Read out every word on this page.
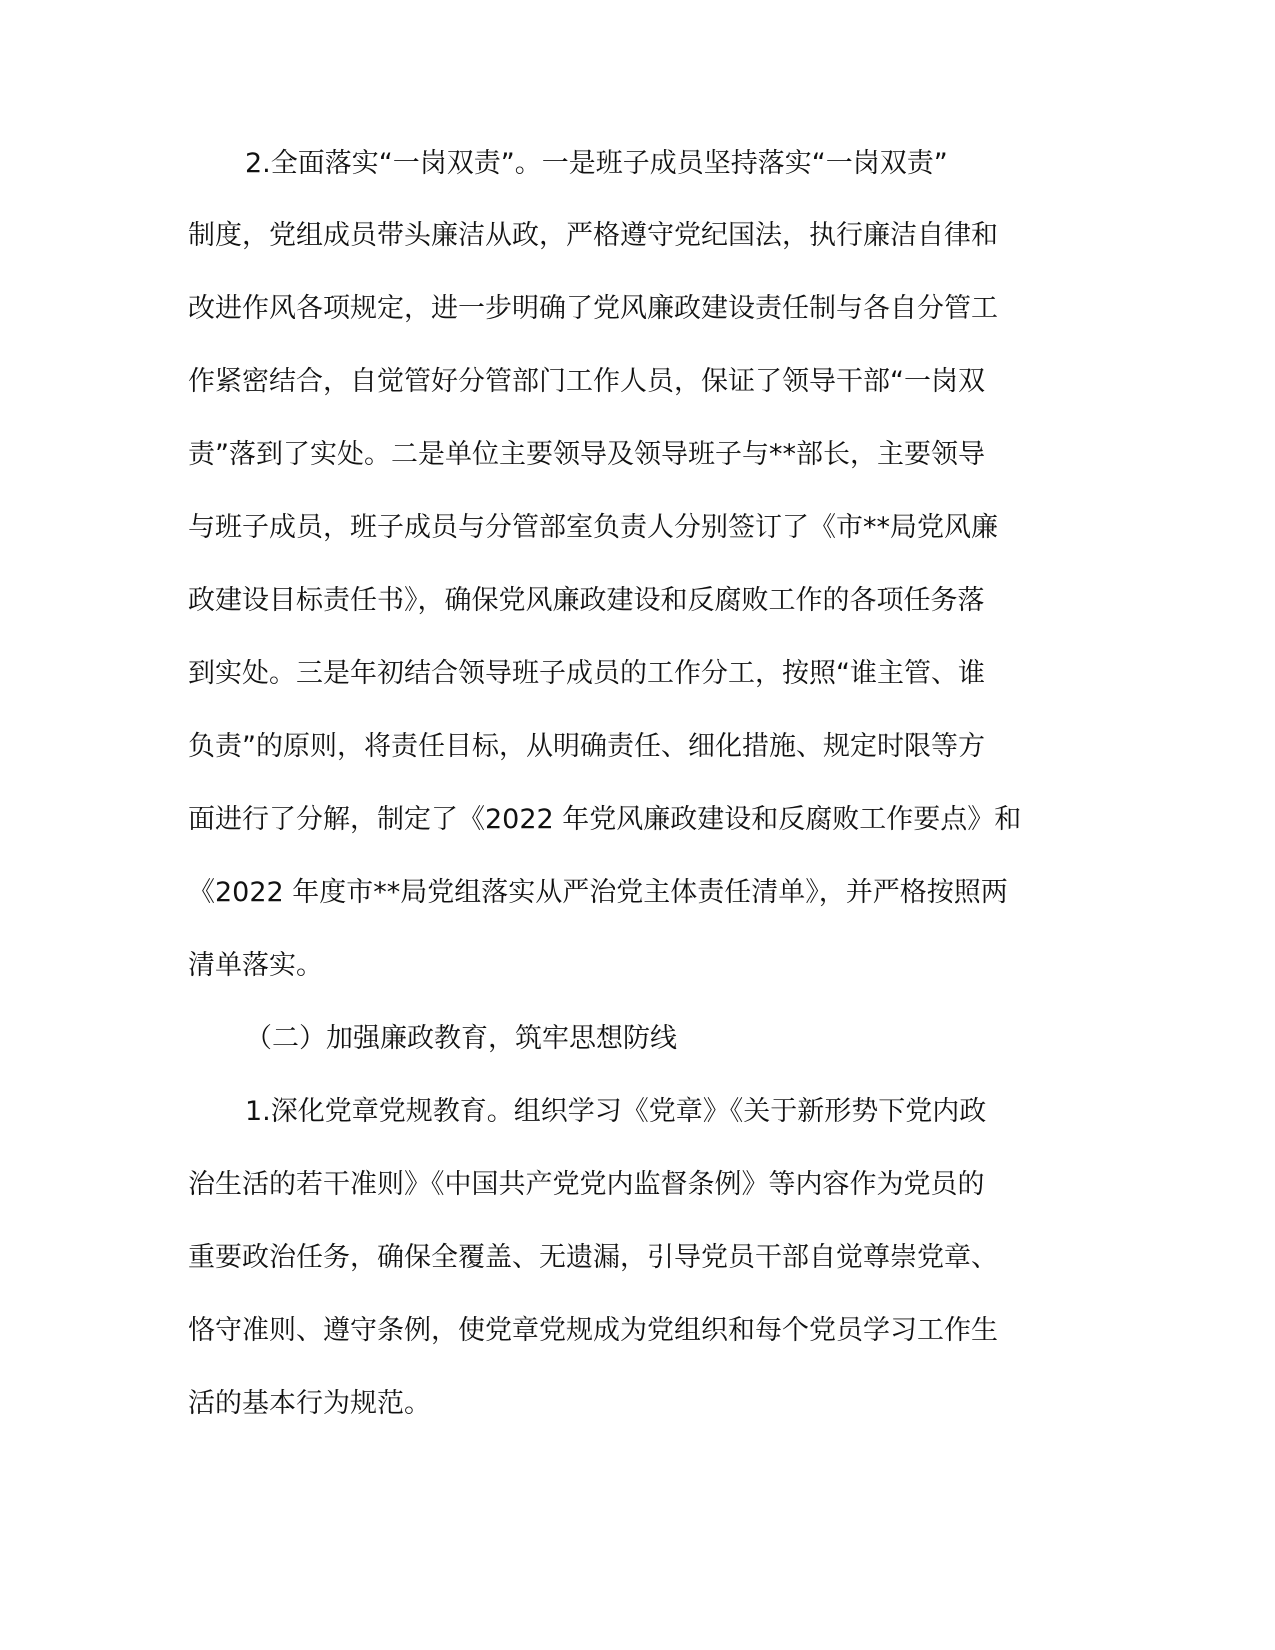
2.全面落实“一岗双责”。一是班子成员坚持落实“一岗双责”
制度，党组成员带头廉洁从政，严格遵守党纪国法，执行廉洁自律和
改进作风各项规定，进一步明确了党风廉政建设责任制与各自分管工
作紧密结合，自觉管好分管部门工作人员，保证了领导干部“一岗双
责”落到了实处。二是单位主要领导及领导班子与**部长，主要领导
与班子成员，班子成员与分管部室负责人分别签订了《市**局党风廉
政建设目标责任书》，确保党风廉政建设和反腐败工作的各项任务落
到实处。三是年初结合领导班子成员的工作分工，按照“谁主管、谁
负责”的原则，将责任目标，从明确责任、细化措施、规定时限等方
面进行了分解，制定了《2022 年党风廉政建设和反腐败工作要点》和
《2022 年度市**局党组落实从严治党主体责任清单》，并严格按照两
清单落实。
（二）加强廉政教育，筑牢思想防线
1.深化党章党规教育。组织学习《党章》《关于新形势下党内政
治生活的若干准则》《中国共产党党内监督条例》等内容作为党员的
重要政治任务，确保全覆盖、无遗漏，引导党员干部自觉尊崇党章、
恪守准则、遵守条例，使党章党规成为党组织和每个党员学习工作生
活的基本行为规范。
